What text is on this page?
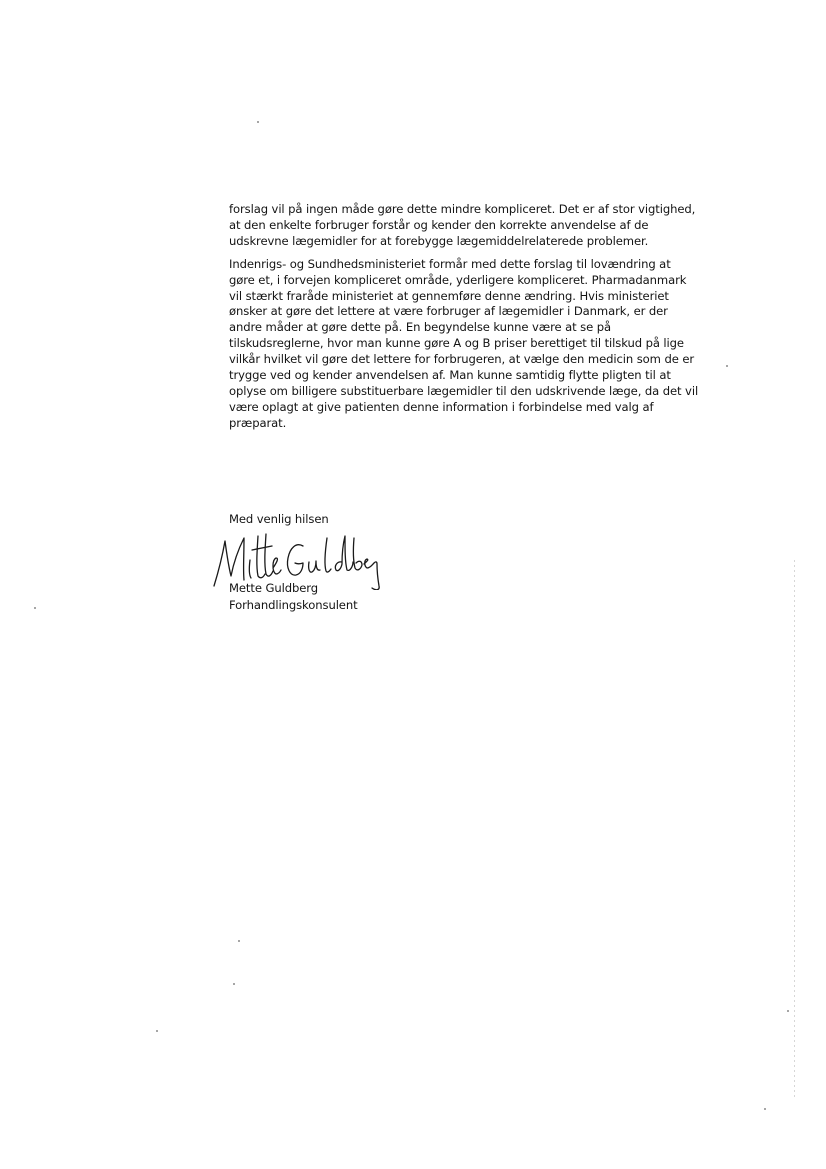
forslag vil på ingen måde gøre dette mindre kompliceret. Det er af stor vigtighed,
at den enkelte forbruger forstår og kender den korrekte anvendelse af de
udskrevne lægemidler for at forebygge lægemiddelrelaterede problemer.

Indenrigs- og Sundhedsministeriet formår med dette forslag til lovændring at
gøre et, i forvejen kompliceret område, yderligere kompliceret. Pharmadanmark
vil stærkt fraråde ministeriet at gennemføre denne ændring. Hvis ministeriet
ønsker at gøre det lettere at være forbruger af lægemidler i Danmark, er der
andre måder at gøre dette på. En begyndelse kunne være at se på
tilskudsreglerne, hvor man kunne gøre A og B priser berettiget til tilskud på lige
vilkår hvilket vil gøre det lettere for forbrugeren, at vælge den medicin som de er
trygge ved og kender anvendelsen af. Man kunne samtidig flytte pligten til at
oplyse om billigere substituerbare lægemidler til den udskrivende læge, da det vil
være oplagt at give patienten denne information i forbindelse med valg af
præparat.

Med venlig hilsen
Mette Guldberg
Forhandlingskonsulent
